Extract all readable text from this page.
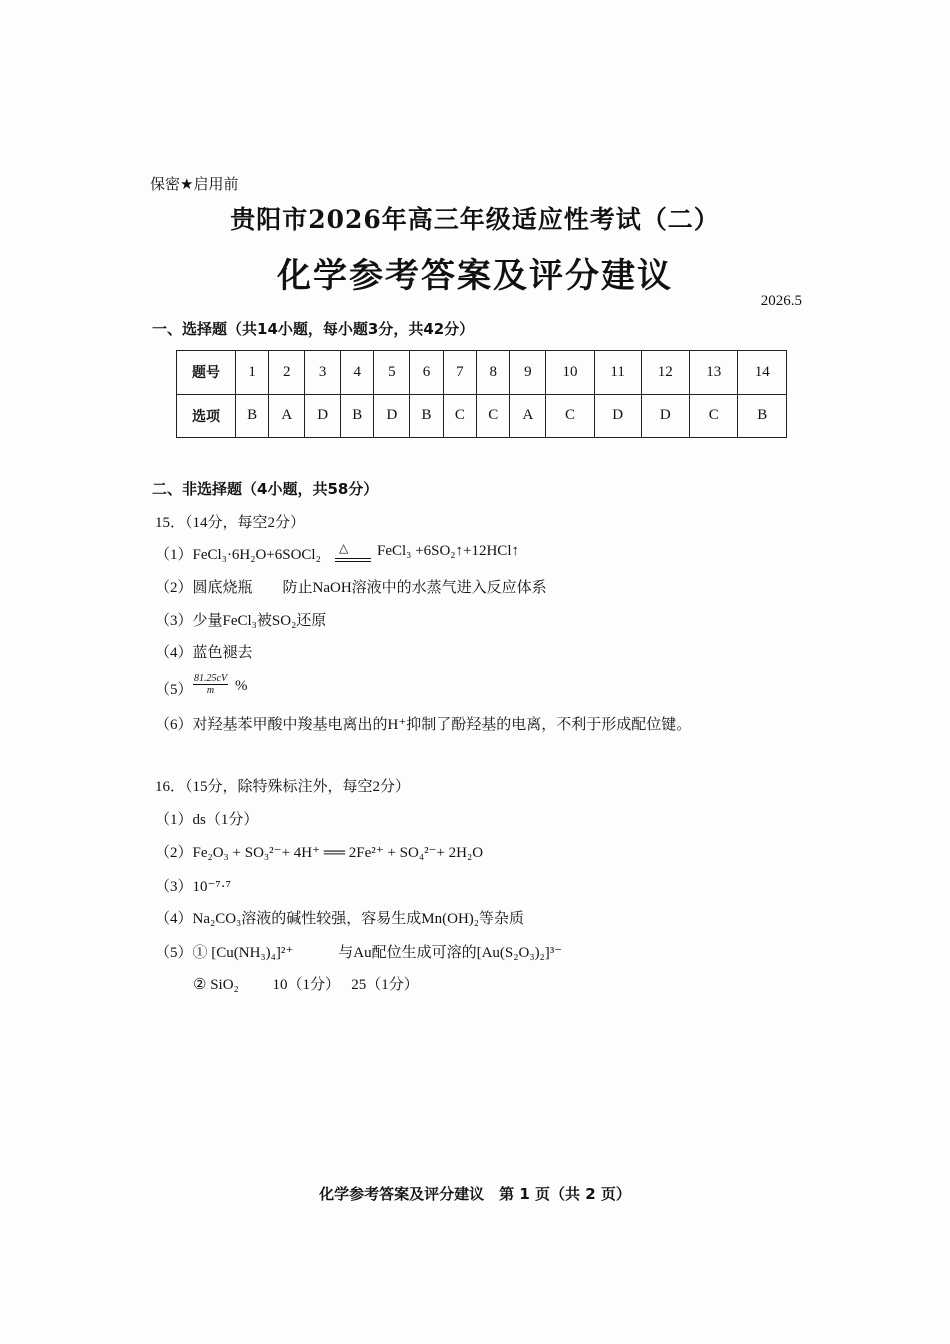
保密★启用前
贵阳市2026年高三年级适应性考试（二）
化学参考答案及评分建议
2026.5
一、选择题（共14小题，每小题3分，共42分）
题号	1	2	3	4	5	6	7	8	9	10	11	12	13	14
选项	B	A	D	B	D	B	C	C	A	C	D	D	C	B
二、非选择题（4小题，共58分）
15．（14分，每空2分）
（1）FeCl₃·6H₂O+6SOCl₂ △ FeCl₃ +6SO₂↑+12HCl↑
（2）圆底烧瓶　　防止NaOH溶液中的水蒸气进入反应体系
（3）少量FeCl₃被SO₂还原
（4）蓝色褪去
$(5) \frac{81.25cV}{m}$ %
（6）对羟基苯甲酸中羧基电离出的H⁺抑制了酚羟基的电离，不利于形成配位键。
16．（15分，除特殊标注外，每空2分）
（1）ds（1分）
（2）Fe₂O₃ + SO₃²⁻+ 4H⁺ ══ 2Fe²⁺ + SO₄²⁻+ 2H₂O
（3）10⁻⁷·⁷
（4）Na₂CO₃溶液的碱性较强，容易生成Mn(OH)₂等杂质
（5）① [Cu(NH₃)₄]²⁺　　　与Au配位生成可溶的[Au(S₂O₃)₂]³⁻
② SiO₂　　 10（1分）　 25（1分）
化学参考答案及评分建议　第 1 页（共 2 页）
